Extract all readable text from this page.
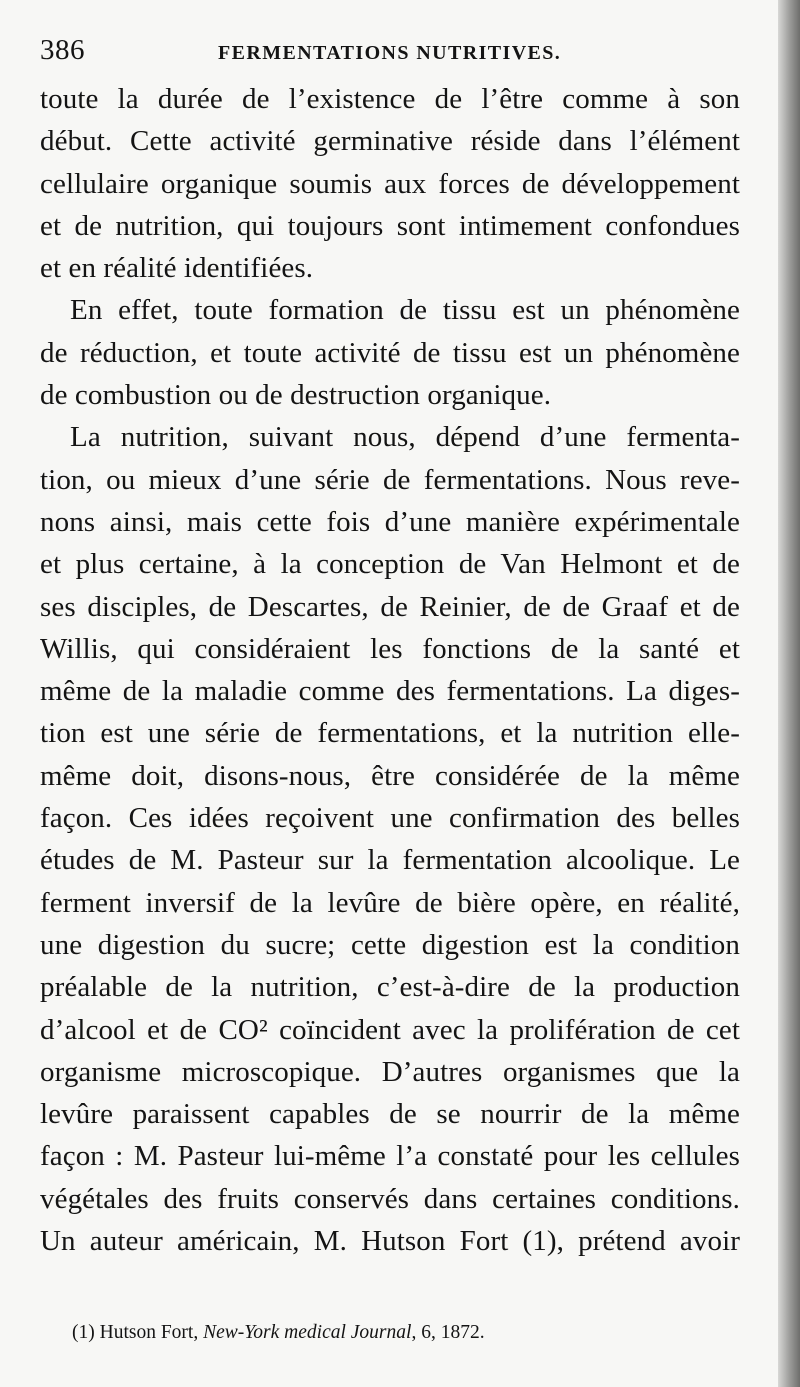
386	FERMENTATIONS NUTRITIVES.
toute la durée de l’existence de l’être comme à son
début. Cette activité germinative réside dans l’élément
cellulaire organique soumis aux forces de développement
et de nutrition, qui toujours sont intimement confondues
et en réalité identifiées.
En effet, toute formation de tissu est un phénomène
de réduction, et toute activité de tissu est un phénomène
de combustion ou de destruction organique.
La nutrition, suivant nous, dépend d’une fermenta-
tion, ou mieux d’une série de fermentations. Nous reve-
nons ainsi, mais cette fois d’une manière expérimentale
et plus certaine, à la conception de Van Helmont et de
ses disciples, de Descartes, de Reinier, de de Graaf et de
Willis, qui considéraient les fonctions de la santé et
même de la maladie comme des fermentations. La diges-
tion est une série de fermentations, et la nutrition elle-
même doit, disons-nous, être considérée de la même
façon. Ces idées reçoivent une confirmation des belles
études de M. Pasteur sur la fermentation alcoolique. Le
ferment inversif de la levûre de bière opère, en réalité,
une digestion du sucre; cette digestion est la condition
préalable de la nutrition, c’est-à-dire de la production
d’alcool et de CO² coïncident avec la prolifération de cet
organisme microscopique. D’autres organismes que la
levûre paraissent capables de se nourrir de la même
façon : M. Pasteur lui-même l’a constaté pour les cellules
végétales des fruits conservés dans certaines conditions.
Un auteur américain, M. Hutson Fort (1), prétend avoir
(1) Hutson Fort, New-York medical Journal, 6, 1872.
